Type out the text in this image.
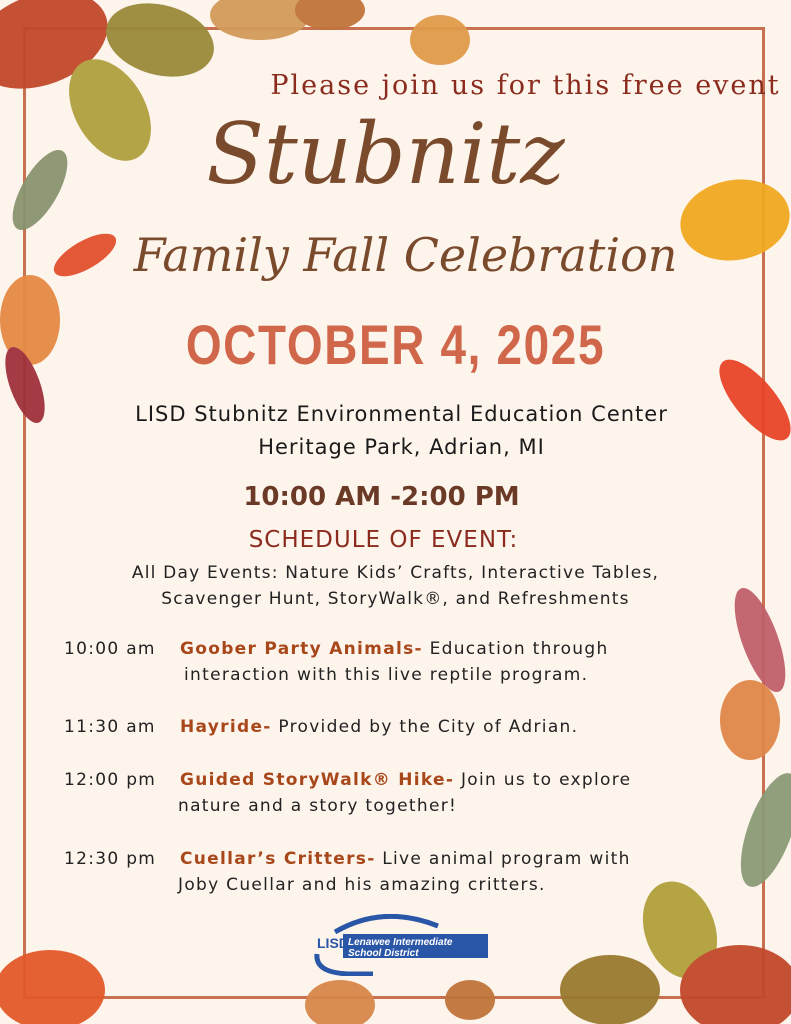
Please join us for this free event
Stubnitz
Family Fall Celebration
OCTOBER 4, 2025
LISD Stubnitz Environmental Education Center
Heritage Park, Adrian, MI
10:00 AM -2:00 PM
SCHEDULE OF EVENT:
All Day Events: Nature Kids’ Crafts, Interactive Tables,
Scavenger Hunt, StoryWalk®, and Refreshments
10:00 am Goober Party Animals- Education through
interaction with this live reptile program.
11:30 am Hayride- Provided by the City of Adrian.
12:00 pm Guided StoryWalk® Hike- Join us to explore
nature and a story together!
12:30 pm Cuellar’s Critters- Live animal program with
Joby Cuellar and his amazing critters.
LISD Lenawee Intermediate
School District
